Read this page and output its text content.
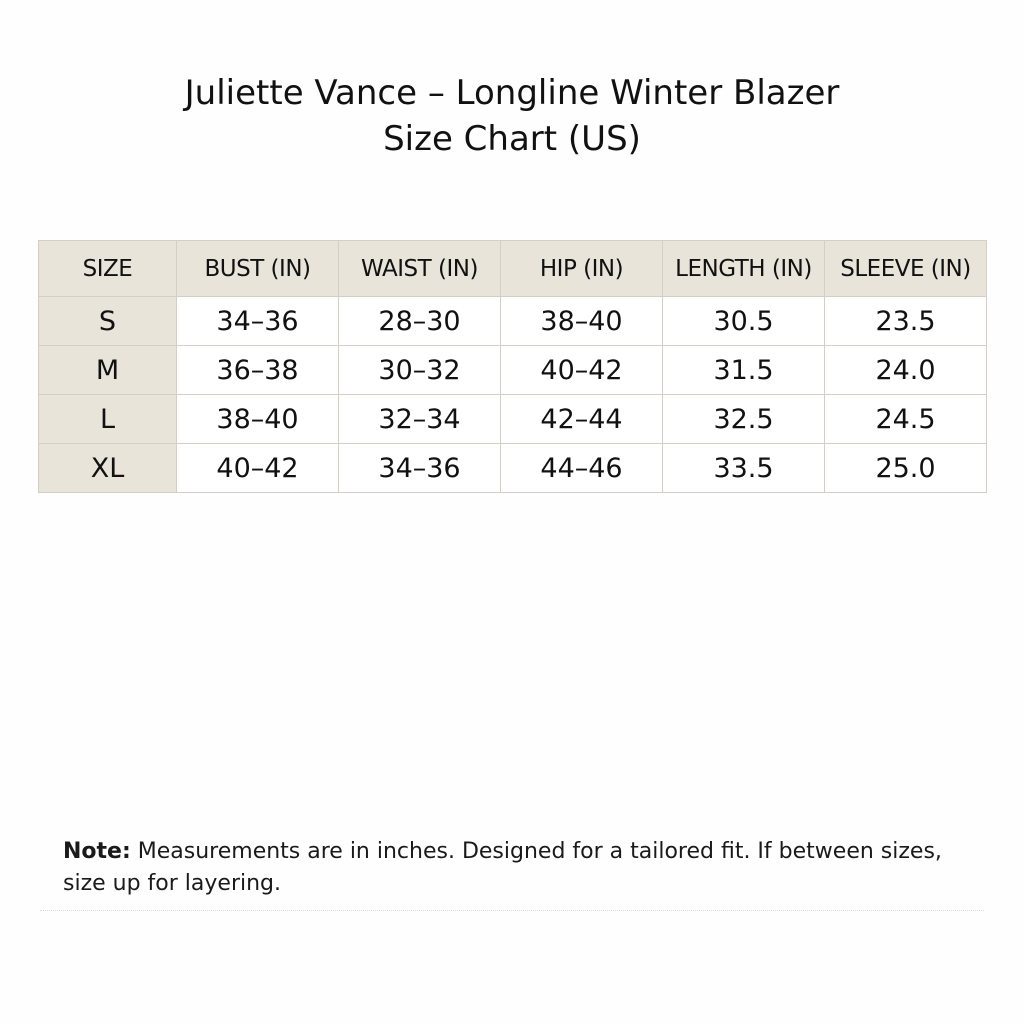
Juliette Vance – Longline Winter Blazer
Size Chart (US)
SIZE	BUST (IN)	WAIST (IN)	HIP (IN)	LENGTH (IN)	SLEEVE (IN)
S	34–36	28–30	38–40	30.5	23.5
M	36–38	30–32	40–42	31.5	24.0
L	38–40	32–34	42–44	32.5	24.5
XL	40–42	34–36	44–46	33.5	25.0
Note: Measurements are in inches. Designed for a tailored fit. If between sizes, size up for layering.
